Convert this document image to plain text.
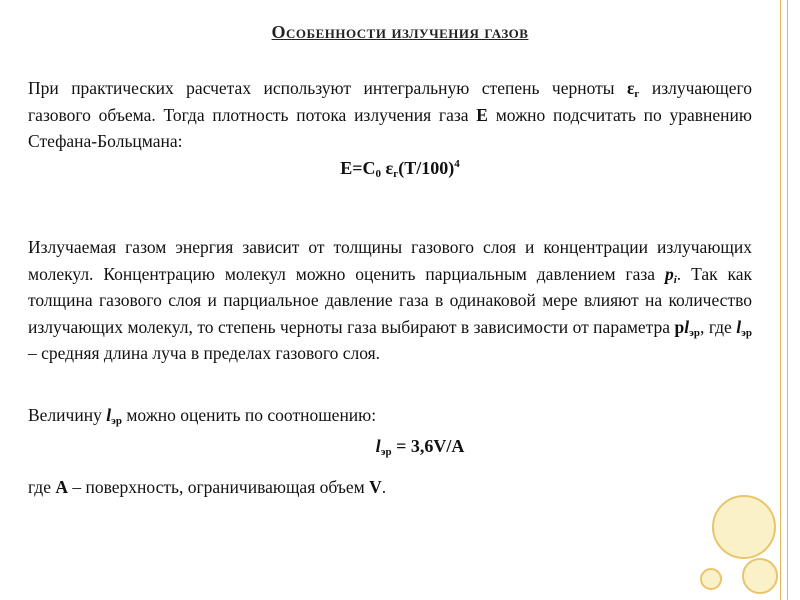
Особенности излучения газов

При практических расчетах используют интегральную степень черноты $\varepsilon_г$ излучающего газового объема. Тогда плотность потока излучения газа E можно подсчитать по уравнению Стефана-Больцмана:

$E=C_0$ $\varepsilon_г(T/100)^4$

Излучаемая газом энергия зависит от толщины газового слоя и концентрации излучающих молекул. Концентрацию молекул можно оценить парциальным давлением газа $p_i$. Так как толщина газового слоя и парциальное давление газа в одинаковой мере влияют на количество излучающих молекул, то степень черноты газа выбирают в зависимости от параметра $pl_{эр}$, где $l_{эр}$ – средняя длина луча в пределах газового слоя.

Величину $l_{эр}$ можно оценить по соотношению:

$l_{эр} = 3,6V/A$

где A – поверхность, ограничивающая объем V.
